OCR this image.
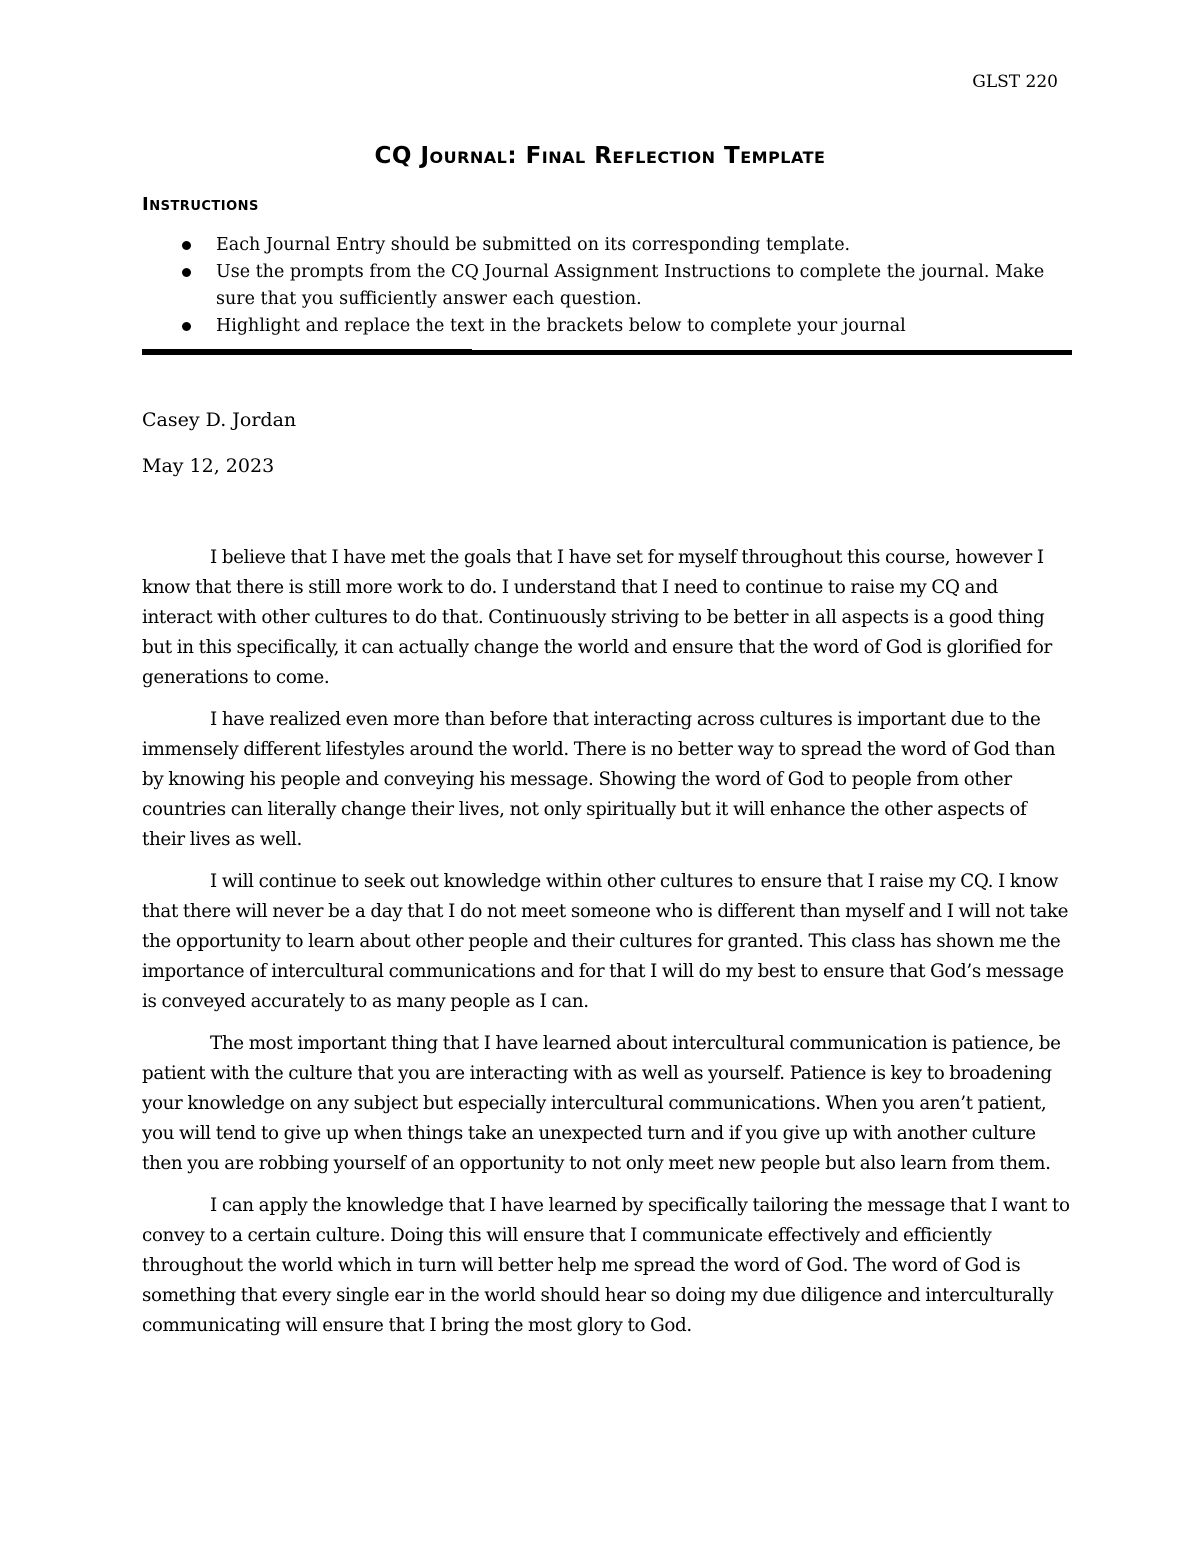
GLST 220
CQ Journal: Final Reflection Template
Instructions
Each Journal Entry should be submitted on its corresponding template.
Use the prompts from the CQ Journal Assignment Instructions to complete the journal. Make sure that you sufficiently answer each question.
Highlight and replace the text in the brackets below to complete your journal
Casey D. Jordan
May 12, 2023

I believe that I have met the goals that I have set for myself throughout this course, however I know that there is still more work to do. I understand that I need to continue to raise my CQ and interact with other cultures to do that. Continuously striving to be better in all aspects is a good thing but in this specifically, it can actually change the world and ensure that the word of God is glorified for generations to come.

I have realized even more than before that interacting across cultures is important due to the immensely different lifestyles around the world. There is no better way to spread the word of God than by knowing his people and conveying his message. Showing the word of God to people from other countries can literally change their lives, not only spiritually but it will enhance the other aspects of their lives as well.

I will continue to seek out knowledge within other cultures to ensure that I raise my CQ. I know that there will never be a day that I do not meet someone who is different than myself and I will not take the opportunity to learn about other people and their cultures for granted. This class has shown me the importance of intercultural communications and for that I will do my best to ensure that God’s message is conveyed accurately to as many people as I can.

The most important thing that I have learned about intercultural communication is patience, be patient with the culture that you are interacting with as well as yourself. Patience is key to broadening your knowledge on any subject but especially intercultural communications. When you aren’t patient, you will tend to give up when things take an unexpected turn and if you give up with another culture then you are robbing yourself of an opportunity to not only meet new people but also learn from them.

I can apply the knowledge that I have learned by specifically tailoring the message that I want to convey to a certain culture. Doing this will ensure that I communicate effectively and efficiently throughout the world which in turn will better help me spread the word of God. The word of God is something that every single ear in the world should hear so doing my due diligence and interculturally communicating will ensure that I bring the most glory to God.
